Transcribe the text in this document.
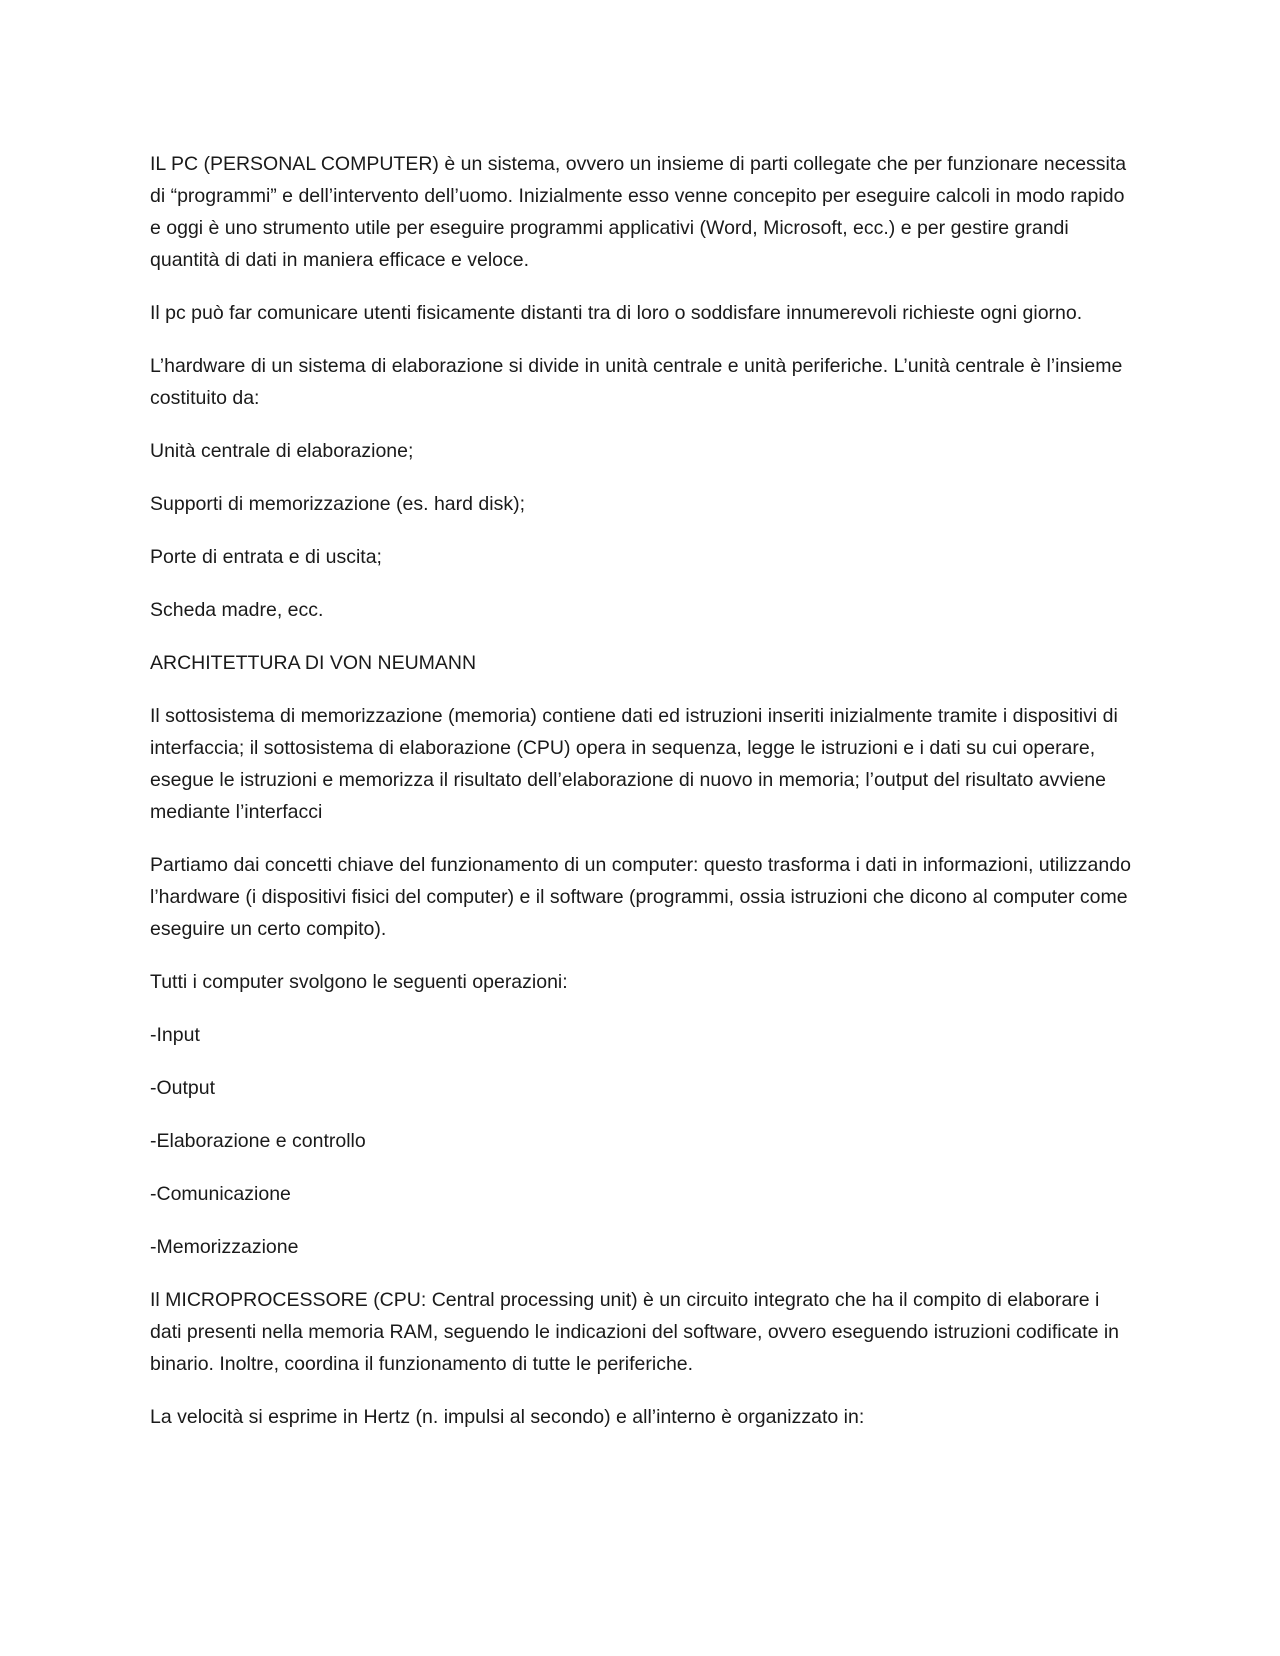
IL PC (PERSONAL COMPUTER) è un sistema, ovvero un insieme di parti collegate che per funzionare necessita di “programmi” e dell’intervento dell’uomo. Inizialmente esso venne concepito per eseguire calcoli in modo rapido e oggi è uno strumento utile per eseguire programmi applicativi (Word, Microsoft, ecc.) e per gestire grandi quantità di dati in maniera efficace e veloce.

Il pc può far comunicare utenti fisicamente distanti tra di loro o soddisfare innumerevoli richieste ogni giorno.

L’hardware di un sistema di elaborazione si divide in unità centrale e unità periferiche. L’unità centrale è l’insieme costituito da:

Unità centrale di elaborazione;

Supporti di memorizzazione (es. hard disk);

Porte di entrata e di uscita;

Scheda madre, ecc.

ARCHITETTURA DI VON NEUMANN

Il sottosistema di memorizzazione (memoria) contiene dati ed istruzioni inseriti inizialmente tramite i dispositivi di interfaccia; il sottosistema di elaborazione (CPU) opera in sequenza, legge le istruzioni e i dati su cui operare, esegue le istruzioni e memorizza il risultato dell’elaborazione di nuovo in memoria; l’output del risultato avviene mediante l’interfacci

Partiamo dai concetti chiave del funzionamento di un computer: questo trasforma i dati in informazioni, utilizzando l’hardware (i dispositivi fisici del computer) e il software (programmi, ossia istruzioni che dicono al computer come eseguire un certo compito).

Tutti i computer svolgono le seguenti operazioni:

-Input

-Output

-Elaborazione e controllo

-Comunicazione

-Memorizzazione

Il MICROPROCESSORE (CPU: Central processing unit) è un circuito integrato che ha il compito di elaborare i dati presenti nella memoria RAM, seguendo le indicazioni del software, ovvero eseguendo istruzioni codificate in binario. Inoltre, coordina il funzionamento di tutte le periferiche.

La velocità si esprime in Hertz (n. impulsi al secondo) e all’interno è organizzato in:
